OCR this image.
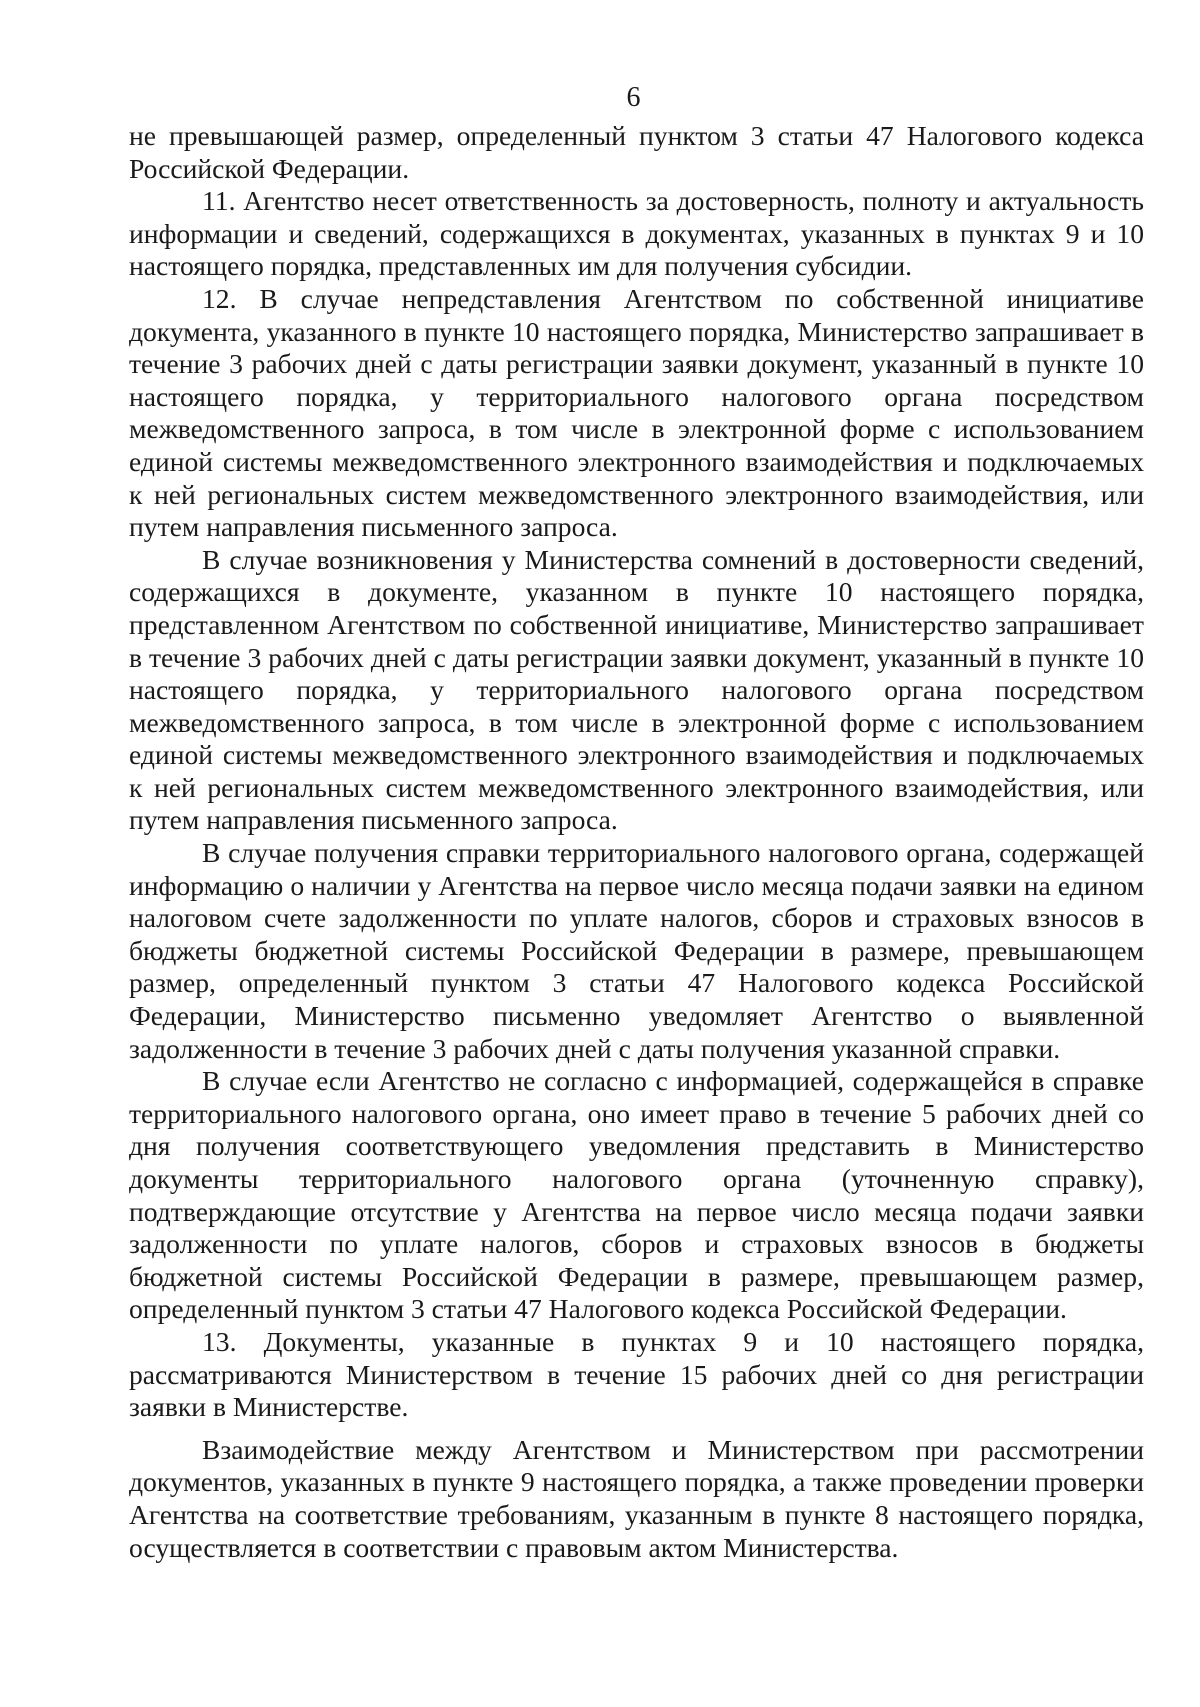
6

не превышающей размер, определенный пунктом 3 статьи 47 Налогового кодекса Российской Федерации.

11. Агентство несет ответственность за достоверность, полноту и актуальность информации и сведений, содержащихся в документах, указанных в пунктах 9 и 10 настоящего порядка, представленных им для получения субсидии.

12. В случае непредставления Агентством по собственной инициативе документа, указанного в пункте 10 настоящего порядка, Министерство запрашивает в течение 3 рабочих дней с даты регистрации заявки документ, указанный в пункте 10 настоящего порядка, у территориального налогового органа посредством межведомственного запроса, в том числе в электронной форме с использованием единой системы межведомственного электронного взаимодействия и подключаемых к ней региональных систем межведомственного электронного взаимодействия, или путем направления письменного запроса.

В случае возникновения у Министерства сомнений в достоверности сведений, содержащихся в документе, указанном в пункте 10 настоящего порядка, представленном Агентством по собственной инициативе, Министерство запрашивает в течение 3 рабочих дней с даты регистрации заявки документ, указанный в пункте 10 настоящего порядка, у территориального налогового органа посредством межведомственного запроса, в том числе в электронной форме с использованием единой системы межведомственного электронного взаимодействия и подключаемых к ней региональных систем межведомственного электронного взаимодействия, или путем направления письменного запроса.

В случае получения справки территориального налогового органа, содержащей информацию о наличии у Агентства на первое число месяца подачи заявки на едином налоговом счете задолженности по уплате налогов, сборов и страховых взносов в бюджеты бюджетной системы Российской Федерации в размере, превышающем размер, определенный пунктом 3 статьи 47 Налогового кодекса Российской Федерации, Министерство письменно уведомляет Агентство о выявленной задолженности в течение 3 рабочих дней с даты получения указанной справки.

В случае если Агентство не согласно с информацией, содержащейся в справке территориального налогового органа, оно имеет право в течение 5 рабочих дней со дня получения соответствующего уведомления представить в Министерство документы территориального налогового органа (уточненную справку), подтверждающие отсутствие у Агентства на первое число месяца подачи заявки задолженности по уплате налогов, сборов и страховых взносов в бюджеты бюджетной системы Российской Федерации в размере, превышающем размер, определенный пунктом 3 статьи 47 Налогового кодекса Российской Федерации.

13. Документы, указанные в пунктах 9 и 10 настоящего порядка, рассматриваются Министерством в течение 15 рабочих дней со дня регистрации заявки в Министерстве.

Взаимодействие между Агентством и Министерством при рассмотрении документов, указанных в пункте 9 настоящего порядка, а также проведении проверки Агентства на соответствие требованиям, указанным в пункте 8 настоящего порядка, осуществляется в соответствии с правовым актом Министерства.
